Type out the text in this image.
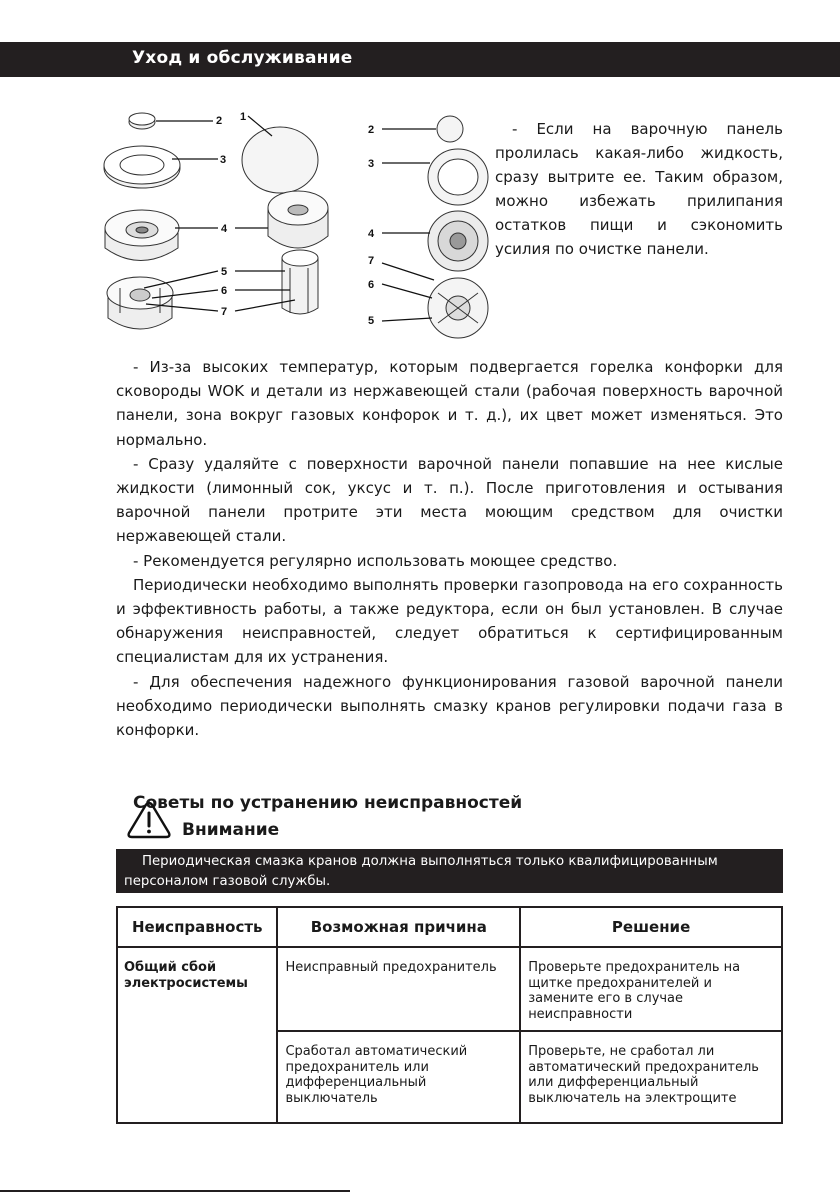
Уход и обслуживание
2 1
3
4
5
6
7
2
3
4
7
6
5

- Если на варочную панель пролилась какая-либо жидкость, сразу вытрите ее. Таким образом, можно избежать прилипания остатков пищи и сэкономить усилия по очистке панели.

- Из-за высоких температур, которым подвергается горелка конфорки для сковороды WOK и детали из нержавеющей стали (рабочая поверхность варочной панели, зона вокруг газовых конфорок и т. д.), их цвет может изменяться. Это нормально.

- Сразу удаляйте с поверхности варочной панели попавшие на нее кислые жидкости (лимонный сок, уксус и т. п.). После приготовления и остывания варочной панели протрите эти места моющим средством для очистки нержавеющей стали.

- Рекомендуется регулярно использовать моющее средство.

Периодически необходимо выполнять проверки газопровода на его сохранность и эффективность работы, а также редуктора, если он был установлен. В случае обнаружения неисправностей, следует обратиться к сертифицированным специалистам для их устранения.

- Для обеспечения надежного функционирования газовой варочной панели необходимо периодически выполнять смазку кранов регулировки подачи газа в конфорки.

Советы по устранению неисправностей
Внимание
Периодическая смазка кранов должна выполняться только квалифицированным персоналом газовой службы.
Неисправность	Возможная причина	Решение
Общий сбой электросистемы	Неисправный предохранитель	Проверьте предохранитель на щитке предохранителей и замените его в случае неисправности
	Сработал автоматический предохранитель или дифференциальный выключатель	Проверьте, не сработал ли автоматический предохранитель или дифференциальный выключатель на электрощите
